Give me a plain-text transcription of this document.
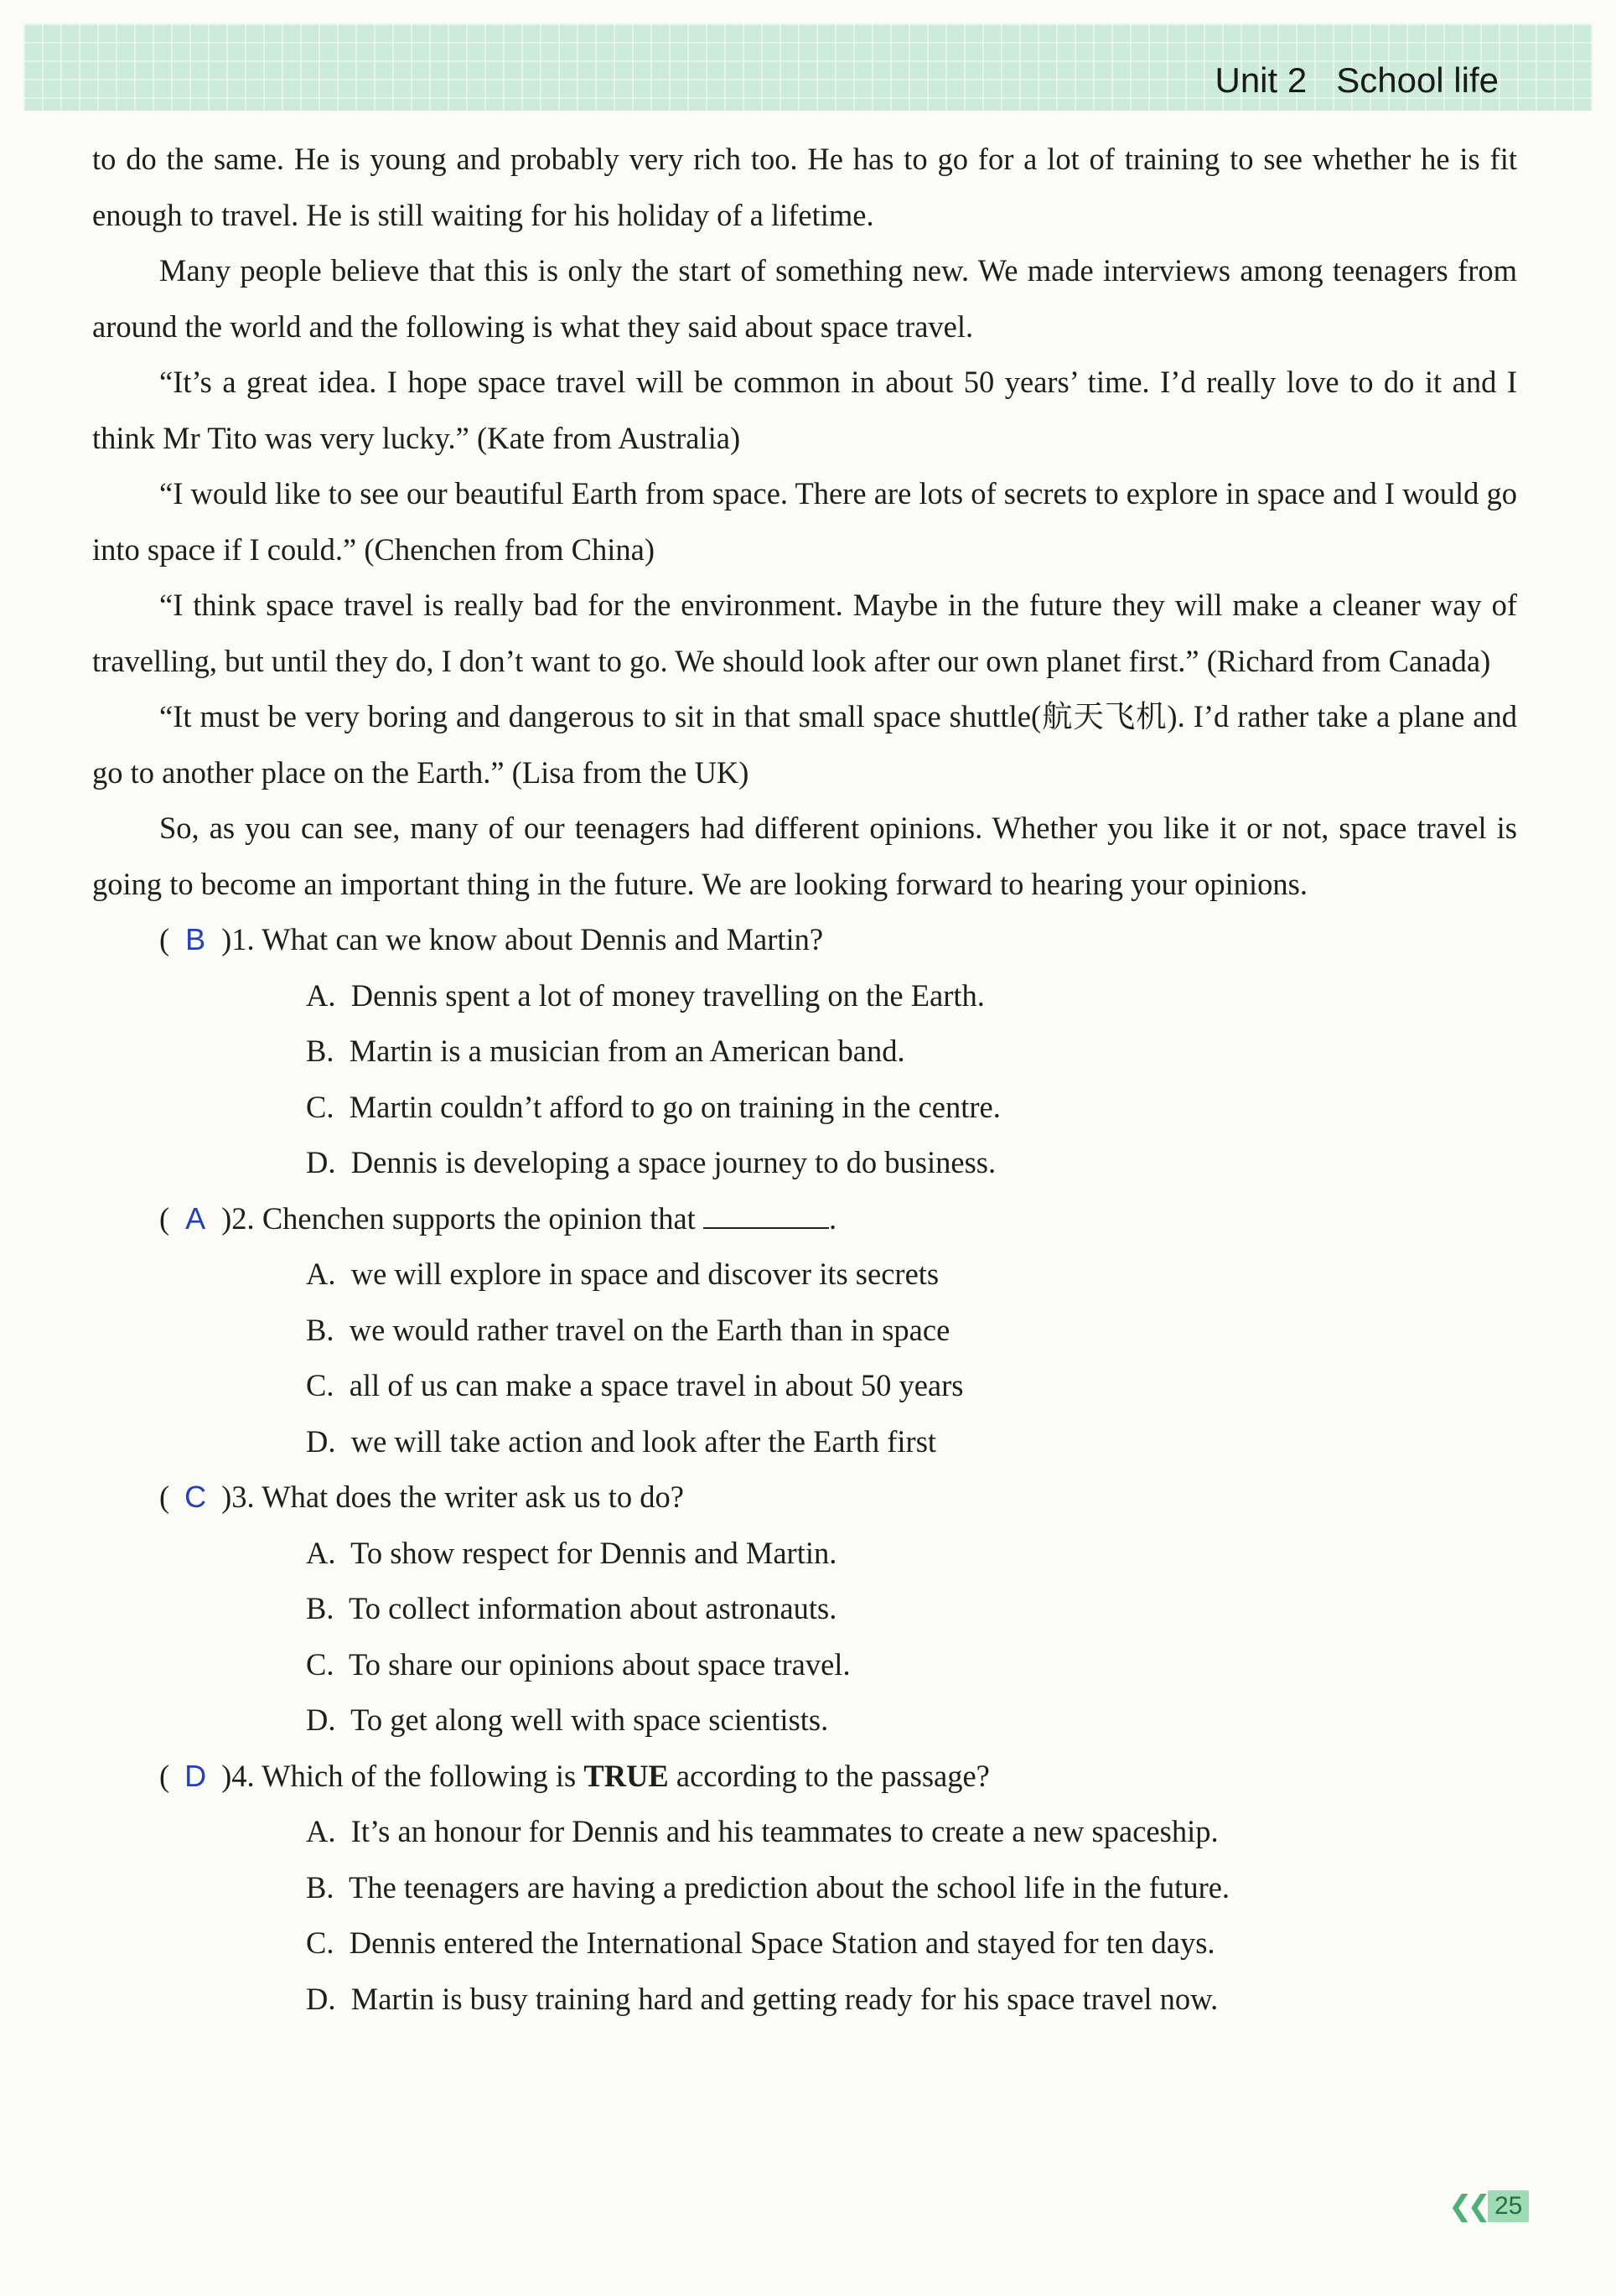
Unit 2   School life

to do the same. He is young and probably very rich too. He has to go for a lot of training to see whether he is fit enough to travel. He is still waiting for his holiday of a lifetime.

Many people believe that this is only the start of something new. We made interviews among teenagers from around the world and the following is what they said about space travel.

“It’s a great idea. I hope space travel will be common in about 50 years’ time. I’d really love to do it and I think Mr Tito was very lucky.” (Kate from Australia)

“I would like to see our beautiful Earth from space. There are lots of secrets to explore in space and I would go into space if I could.” (Chenchen from China)

“I think space travel is really bad for the environment. Maybe in the future they will make a cleaner way of travelling, but until they do, I don’t want to go. We should look after our own planet first.” (Richard from Canada)

“It must be very boring and dangerous to sit in that small space shuttle(航天飞机). I’d rather take a plane and go to another place on the Earth.” (Lisa from the UK)

So, as you can see, many of our teenagers had different opinions. Whether you like it or not, space travel is going to become an important thing in the future. We are looking forward to hearing your opinions.

( B )1. What can we know about Dennis and Martin?

A.  Dennis spent a lot of money travelling on the Earth.

B.  Martin is a musician from an American band.

C.  Martin couldn’t afford to go on training in the centre.

D.  Dennis is developing a space journey to do business.

( A )2. Chenchen supports the opinion that	.

A.  we will explore in space and discover its secrets

B.  we would rather travel on the Earth than in space

C.  all of us can make a space travel in about 50 years

D.  we will take action and look after the Earth first

( C )3. What does the writer ask us to do?

A.  To show respect for Dennis and Martin.

B.  To collect information about astronauts.

C.  To share our opinions about space travel.

D.  To get along well with space scientists.

( D )4. Which of the following is TRUE according to the passage?

A.  It’s an honour for Dennis and his teammates to create a new spaceship.

B.  The teenagers are having a prediction about the school life in the future.

C.  Dennis entered the International Space Station and stayed for ten days.

D.  Martin is busy training hard and getting ready for his space travel now.

❮❮ 25
